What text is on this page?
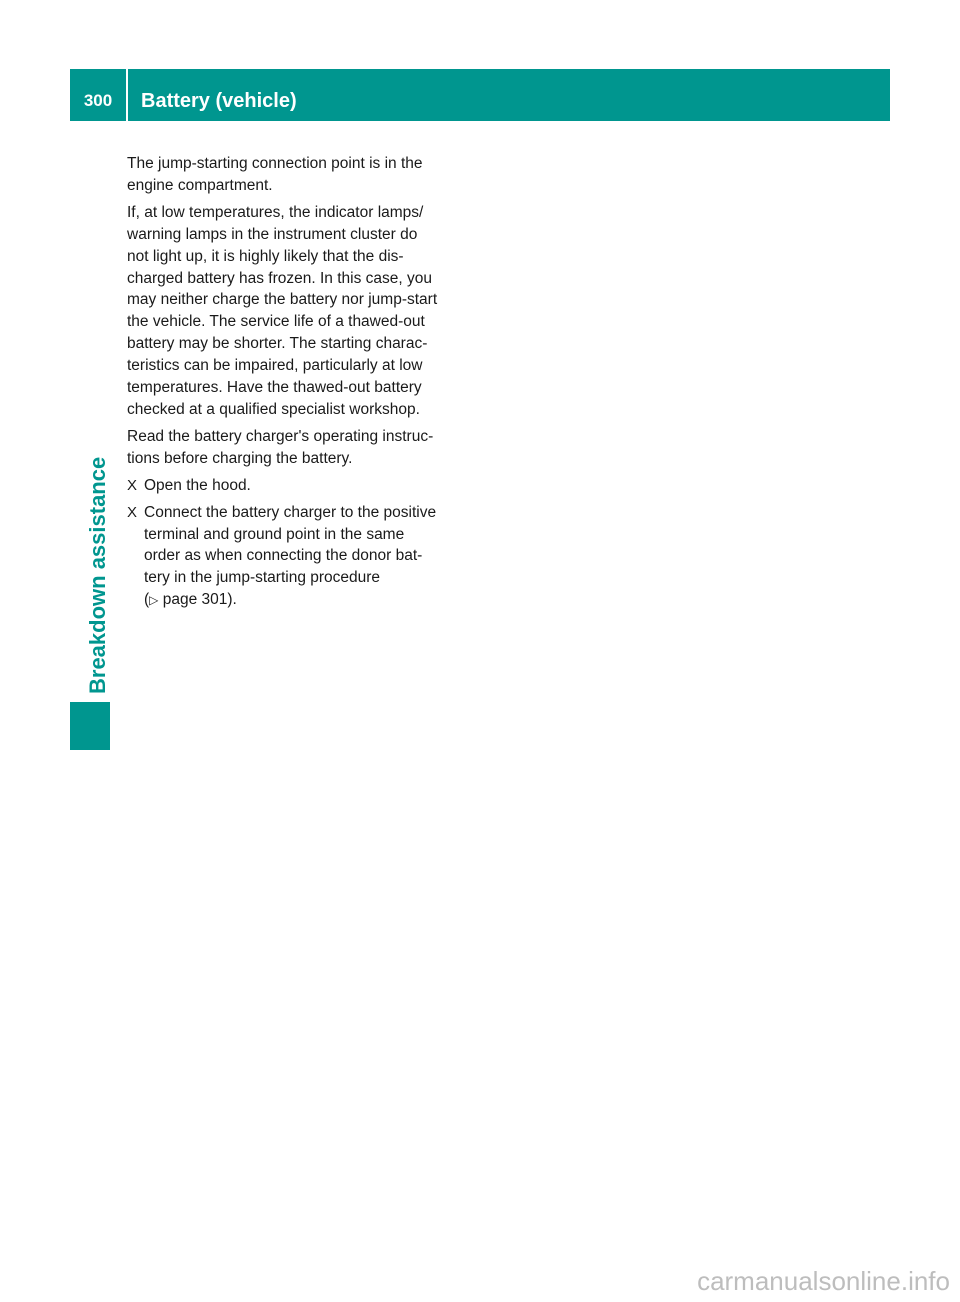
300	Battery (vehicle)
Breakdown assistance

The jump-starting connection point is in the
engine compartment.

If, at low temperatures, the indicator lamps/
warning lamps in the instrument cluster do
not light up, it is highly likely that the dis-
charged battery has frozen. In this case, you
may neither charge the battery nor jump-start
the vehicle. The service life of a thawed-out
battery may be shorter. The starting charac-
teristics can be impaired, particularly at low
temperatures. Have the thawed-out battery
checked at a qualified specialist workshop.

Read the battery charger's operating instruc-
tions before charging the battery.

X Open the hood.
X Connect the battery charger to the positive
terminal and ground point in the same
order as when connecting the donor bat-
tery in the jump-starting procedure
(▷ page 301).
carmanualsonline.info
